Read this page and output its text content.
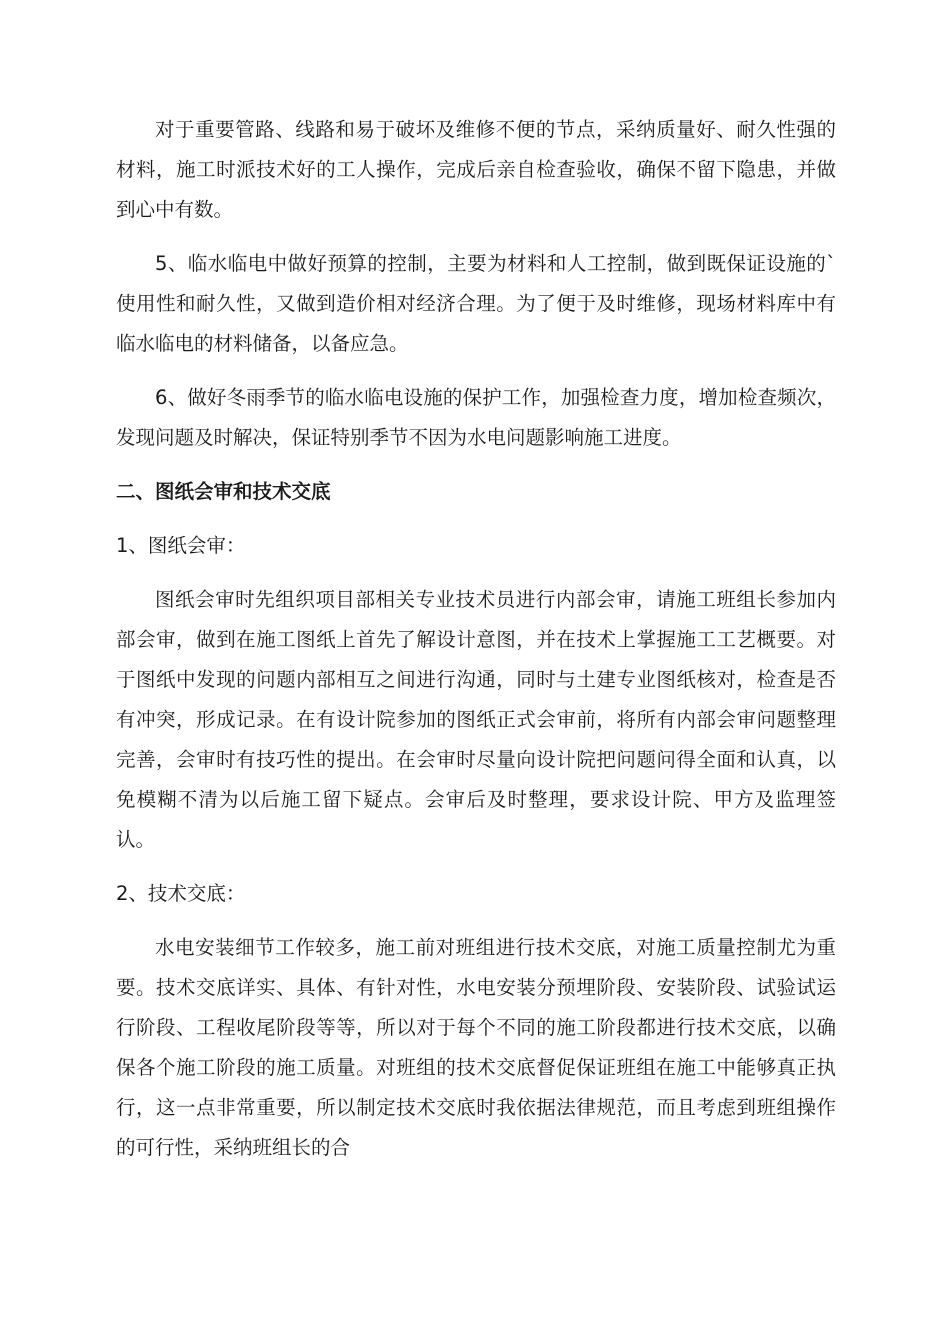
对于重要管路、线路和易于破坏及维修不便的节点，采纳质量好、耐久性强的材料，施工时派技术好的工人操作，完成后亲自检查验收，确保不留下隐患，并做到心中有数。

5、临水临电中做好预算的控制，主要为材料和人工控制，做到既保证设施的`使用性和耐久性，又做到造价相对经济合理。为了便于及时维修，现场材料库中有临水临电的材料储备，以备应急。

6、做好冬雨季节的临水临电设施的保护工作，加强检查力度，增加检查频次，发现问题及时解决，保证特别季节不因为水电问题影响施工进度。

二、图纸会审和技术交底

1、图纸会审：

图纸会审时先组织项目部相关专业技术员进行内部会审，请施工班组长参加内部会审，做到在施工图纸上首先了解设计意图，并在技术上掌握施工工艺概要。对于图纸中发现的问题内部相互之间进行沟通，同时与土建专业图纸核对，检查是否有冲突，形成记录。在有设计院参加的图纸正式会审前，将所有内部会审问题整理完善，会审时有技巧性的提出。在会审时尽量向设计院把问题问得全面和认真，以免模糊不清为以后施工留下疑点。会审后及时整理，要求设计院、甲方及监理签认。

2、技术交底：

水电安装细节工作较多，施工前对班组进行技术交底，对施工质量控制尤为重要。技术交底详实、具体、有针对性，水电安装分预埋阶段、安装阶段、试验试运行阶段、工程收尾阶段等等，所以对于每个不同的施工阶段都进行技术交底，以确保各个施工阶段的施工质量。对班组的技术交底督促保证班组在施工中能够真正执行，这一点非常重要，所以制定技术交底时我依据法律规范，而且考虑到班组操作的可行性，采纳班组长的合
